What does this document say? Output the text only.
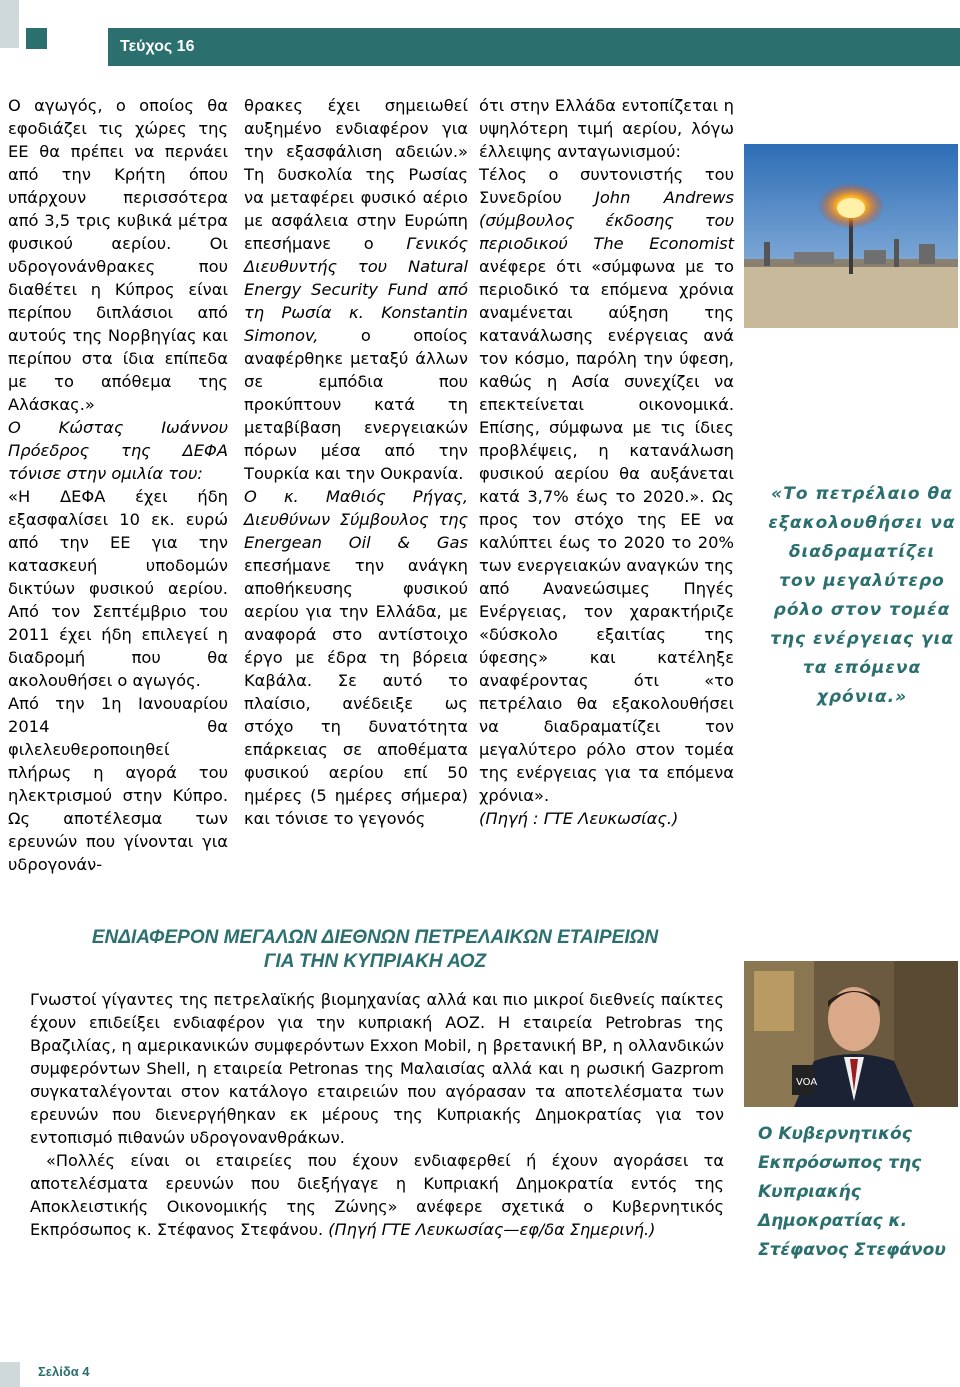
Τεύχος 16

Ο αγωγός, ο οποίος θα εφοδιάζει τις χώρες της ΕΕ θα πρέπει να περνάει από την Κρήτη όπου υπάρχουν περισσότερα από 3,5 τρις κυβικά μέτρα φυσικού αερίου. Οι υδρογονάνθρακες που διαθέτει η Κύπρος είναι περίπου διπλάσιοι από αυτούς της Νορβηγίας και περίπου στα ίδια επίπεδα με το απόθεμα της Αλάσκας.»

Ο Κώστας Ιωάννου Πρόεδρος της ΔΕΦΑ τόνισε στην ομιλία του:

«Η ΔΕΦΑ έχει ήδη εξασφαλίσει 10 εκ. ευρώ από την ΕΕ για την κατασκευή υποδομών δικτύων φυσικού αερίου. Από τον Σεπτέμβριο του 2011 έχει ήδη επιλεγεί η διαδρομή που θα ακολουθήσει ο αγωγός.

Από την 1η Ιανουαρίου 2014 θα φιλελευθεροποιηθεί πλήρως η αγορά του ηλεκτρισμού στην Κύπρο. Ως αποτέλεσμα των ερευνών που γίνονται για υδρογονάν-

θρακες έχει σημειωθεί αυξημένο ενδιαφέρον για την εξασφάλιση αδειών.» Τη δυσκολία της Ρωσίας να μεταφέρει φυσικό αέριο με ασφάλεια στην Ευρώπη επεσήμανε ο Γενικός Διευθυντής του Natural Energy Security Fund από τη Ρωσία κ. Konstantin Simonov, ο οποίος αναφέρθηκε μεταξύ άλλων σε εμπόδια που προκύπτουν κατά τη μεταβίβαση ενεργειακών πόρων μέσα από την Τουρκία και την Ουκρανία.

Ο κ. Μαθιός Ρήγας, Διευθύνων Σύμβουλος της Energean Oil & Gas επεσήμανε την ανάγκη αποθήκευσης φυσικού αερίου για την Ελλάδα, με αναφορά στο αντίστοιχο έργο με έδρα τη βόρεια Καβάλα. Σε αυτό το πλαίσιο, ανέδειξε ως στόχο τη δυνατότητα επάρκειας σε αποθέματα φυσικού αερίου επί 50 ημέρες (5 ημέρες σήμερα) και τόνισε το γεγονός

ότι στην Ελλάδα εντοπίζεται η υψηλότερη τιμή αερίου, λόγω έλλειψης ανταγωνισμού:

Τέλος ο συντονιστής του Συνεδρίου John Andrews (σύμβουλος έκδοσης του περιοδικού The Economist ανέφερε ότι «σύμφωνα με το περιοδικό τα επόμενα χρόνια αναμένεται αύξηση της κατανάλωσης ενέργειας ανά τον κόσμο, παρόλη την ύφεση, καθώς η Ασία συνεχίζει να επεκτείνεται οικονομικά. Επίσης, σύμφωνα με τις ίδιες προβλέψεις, η κατανάλωση φυσικού αερίου θα αυξάνεται κατά 3,7% έως το 2020.». Ως προς τον στόχο της ΕΕ να καλύπτει έως το 2020 το 20% των ενεργειακών αναγκών της από Ανανεώσιμες Πηγές Ενέργειας, τον χαρακτήριζε «δύσκολο εξαιτίας της ύφεσης» και κατέληξε αναφέροντας ότι «το πετρέλαιο θα εξακολουθήσει να διαδραματίζει τον μεγαλύτερο ρόλο στον τομέα της ενέργειας για τα επόμενα χρόνια».

(Πηγή : ΓΤΕ Λευκωσίας.)

«Το πετρέλαιο θα εξακολουθήσει να διαδραματίζει τον μεγαλύτερο ρόλο στον τομέα της ενέργειας για τα επόμενα χρόνια.»
ΕΝΔΙΑΦΕΡΟΝ ΜΕΓΑΛΩΝ ΔΙΕΘΝΩΝ ΠΕΤΡΕΛΑΙΚΩΝ ΕΤΑΙΡΕΙΩΝ
ΓΙΑ ΤΗΝ ΚΥΠΡΙΑΚΗ ΑΟΖ

Γνωστοί γίγαντες της πετρελαϊκής βιομηχανίας αλλά και πιο μικροί διεθνείς παίκτες έχουν επιδείξει ενδιαφέρον για την κυπριακή ΑΟΖ. Η εταιρεία Petrobras της Βραζιλίας, η αμερικανικών συμφερόντων Exxon Mobil, η βρετανική BP, η ολλανδικών συμφερόντων Shell, η εταιρεία Petronas της Μαλαισίας αλλά και η ρωσική Gazprom συγκαταλέγονται στον κατάλογο εταιρειών που αγόρασαν τα αποτελέσματα των ερευνών που διενεργήθηκαν εκ μέρους της Κυπριακής Δημοκρατίας για τον εντοπισμό πιθανών υδρογονανθράκων.

«Πολλές είναι οι εταιρείες που έχουν ενδιαφερθεί ή έχουν αγοράσει τα αποτελέσματα ερευνών που διεξήγαγε η Κυπριακή Δημοκρατία εντός της Αποκλειστικής Οικονομικής της Ζώνης» ανέφερε σχετικά ο Κυβερνητικός Εκπρόσωπος κ. Στέφανος Στεφάνου. (Πηγή ΓΤΕ Λευκωσίας—εφ/δα Σημερινή.)

VOA
Ο Κυβερνητικός Εκπρόσωπος της Κυπριακής Δημοκρατίας κ. Στέφανος Στεφάνου
Σελίδα 4
